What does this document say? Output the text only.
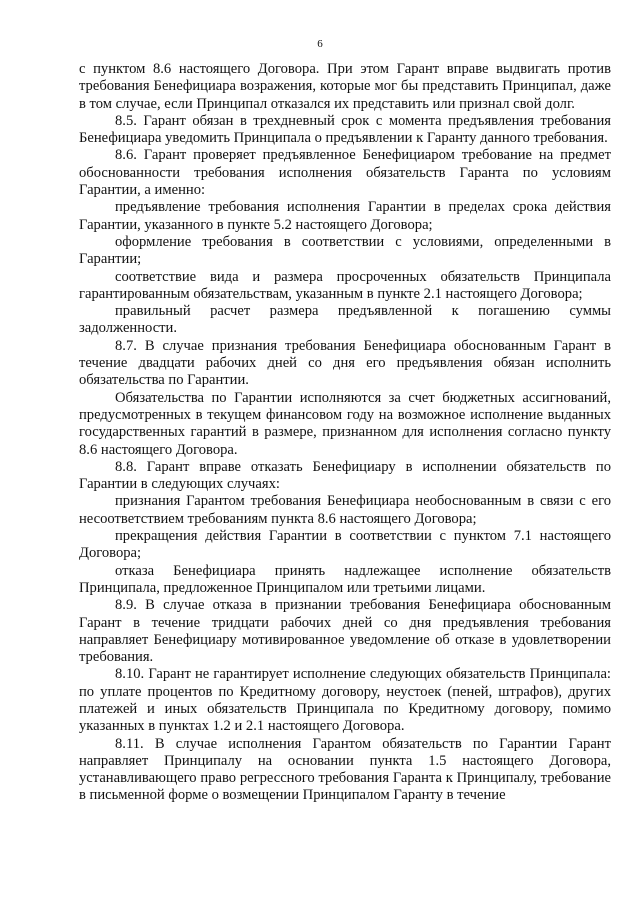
6

с пунктом 8.6 настоящего Договора. При этом Гарант вправе выдвигать против требования Бенефициара возражения, которые мог бы представить Принципал, даже в том случае, если Принципал отказался их представить или признал свой долг.

8.5. Гарант обязан в трехдневный срок с момента предъявления требования Бенефициара уведомить Принципала о предъявлении к Гаранту данного требования.

8.6. Гарант проверяет предъявленное Бенефициаром требование на предмет обоснованности требования исполнения обязательств Гаранта по условиям Гарантии, а именно:

предъявление требования исполнения Гарантии в пределах срока действия Гарантии, указанного в пункте 5.2 настоящего Договора;

оформление требования в соответствии с условиями, определенными в Гарантии;

соответствие вида и размера просроченных обязательств Принципала гарантированным обязательствам, указанным в пункте 2.1 настоящего Договора;

правильный расчет размера предъявленной к погашению суммы задолженности.

8.7. В случае признания требования Бенефициара обоснованным Гарант в течение двадцати рабочих дней со дня его предъявления обязан исполнить обязательства по Гарантии.

Обязательства по Гарантии исполняются за счет бюджетных ассигнований, предусмотренных в текущем финансовом году на возможное исполнение выданных государственных гарантий в размере, признанном для исполнения согласно пункту 8.6 настоящего Договора.

8.8. Гарант вправе отказать Бенефициару в исполнении обязательств по Гарантии в следующих случаях:

признания Гарантом требования Бенефициара необоснованным в связи с его несоответствием требованиям пункта 8.6 настоящего Договора;

прекращения действия Гарантии в соответствии с пунктом 7.1 настоящего Договора;

отказа Бенефициара принять надлежащее исполнение обязательств Принципала, предложенное Принципалом или третьими лицами.

8.9. В случае отказа в признании требования Бенефициара обоснованным Гарант в течение тридцати рабочих дней со дня предъявления требования направляет Бенефициару мотивированное уведомление об отказе в удовлетворении требования.

8.10. Гарант не гарантирует исполнение следующих обязательств Принципала: по уплате процентов по Кредитному договору, неустоек (пеней, штрафов), других платежей и иных обязательств Принципала по Кредитному договору, помимо указанных в пунктах 1.2 и 2.1 настоящего Договора.

8.11. В случае исполнения Гарантом обязательств по Гарантии Гарант направляет Принципалу на основании пункта 1.5 настоящего Договора, устанавливающего право регрессного требования Гаранта к Принципалу, требование в письменной форме о возмещении Принципалом Гаранту в течение
